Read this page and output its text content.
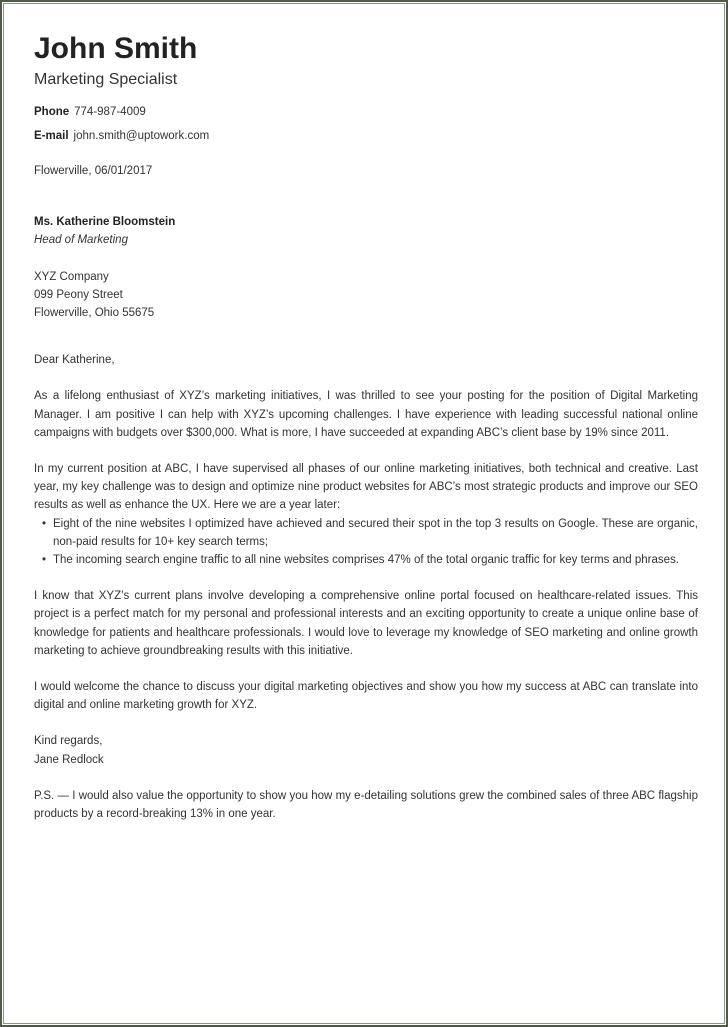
John Smith
Marketing Specialist
Phone 774-987-4009
E-mail john.smith@uptowork.com
Flowerville, 06/01/2017
Ms. Katherine Bloomstein
Head of Marketing
XYZ Company
099 Peony Street
Flowerville, Ohio 55675
Dear Katherine,

As a lifelong enthusiast of XYZ’s marketing initiatives, I was thrilled to see your posting for the position of Digital Marketing Manager. I am positive I can help with XYZ’s upcoming challenges. I have experience with leading successful national online campaigns with budgets over $300,000. What is more, I have succeeded at expanding ABC’s client base by 19% since 2011.

In my current position at ABC, I have supervised all phases of our online marketing initiatives, both technical and creative. Last year, my key challenge was to design and optimize nine product websites for ABC’s most strategic products and improve our SEO results as well as enhance the UX. Here we are a year later:

• Eight of the nine websites I optimized have achieved and secured their spot in the top 3 results on Google. These are organic, non-paid results for 10+ key search terms;
• The incoming search engine traffic to all nine websites comprises 47% of the total organic traffic for key terms and phrases.

I know that XYZ’s current plans involve developing a comprehensive online portal focused on healthcare-related issues. This project is a perfect match for my personal and professional interests and an exciting opportunity to create a unique online base of knowledge for patients and healthcare professionals. I would love to leverage my knowledge of SEO marketing and online growth marketing to achieve groundbreaking results with this initiative.

I would welcome the chance to discuss your digital marketing objectives and show you how my success at ABC can translate into digital and online marketing growth for XYZ.

Kind regards,
Jane Redlock

P.S. — I would also value the opportunity to show you how my e-detailing solutions grew the combined sales of three ABC flagship products by a record-breaking 13% in one year.
